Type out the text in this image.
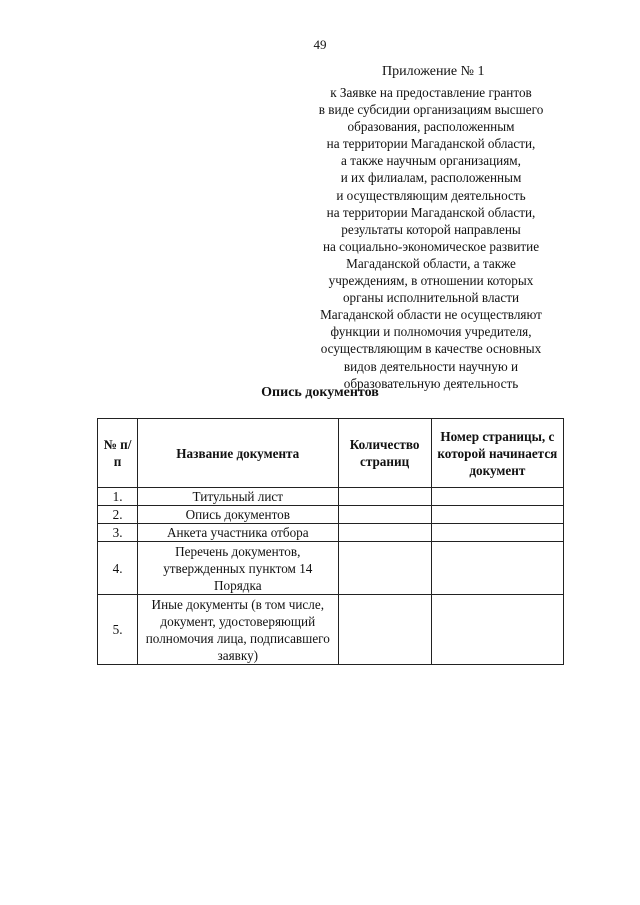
49
Приложение № 1
к Заявке на предоставление грантов
в виде субсидии организациям высшего
образования, расположенным
на территории Магаданской области,
а также научным организациям,
и их филиалам, расположенным
и осуществляющим деятельность
на территории Магаданской области,
результаты которой направлены
на социально-экономическое развитие
Магаданской области, а также
учреждениям, в отношении которых
органы исполнительной власти
Магаданской области не осуществляют
функции и полномочия учредителя,
осуществляющим в качестве основных
видов деятельности научную и
образовательную деятельность
Опись документов
№ п/п	Название документа	Количество страниц	Номер страницы, с которой начинается документ
1.	Титульный лист		
2.	Опись документов		
3.	Анкета участника отбора		
4.	Перечень документов, утвержденных пунктом 14 Порядка		
5.	Иные документы (в том числе, документ, удостоверяющий полномочия лица, подписавшего заявку)		
